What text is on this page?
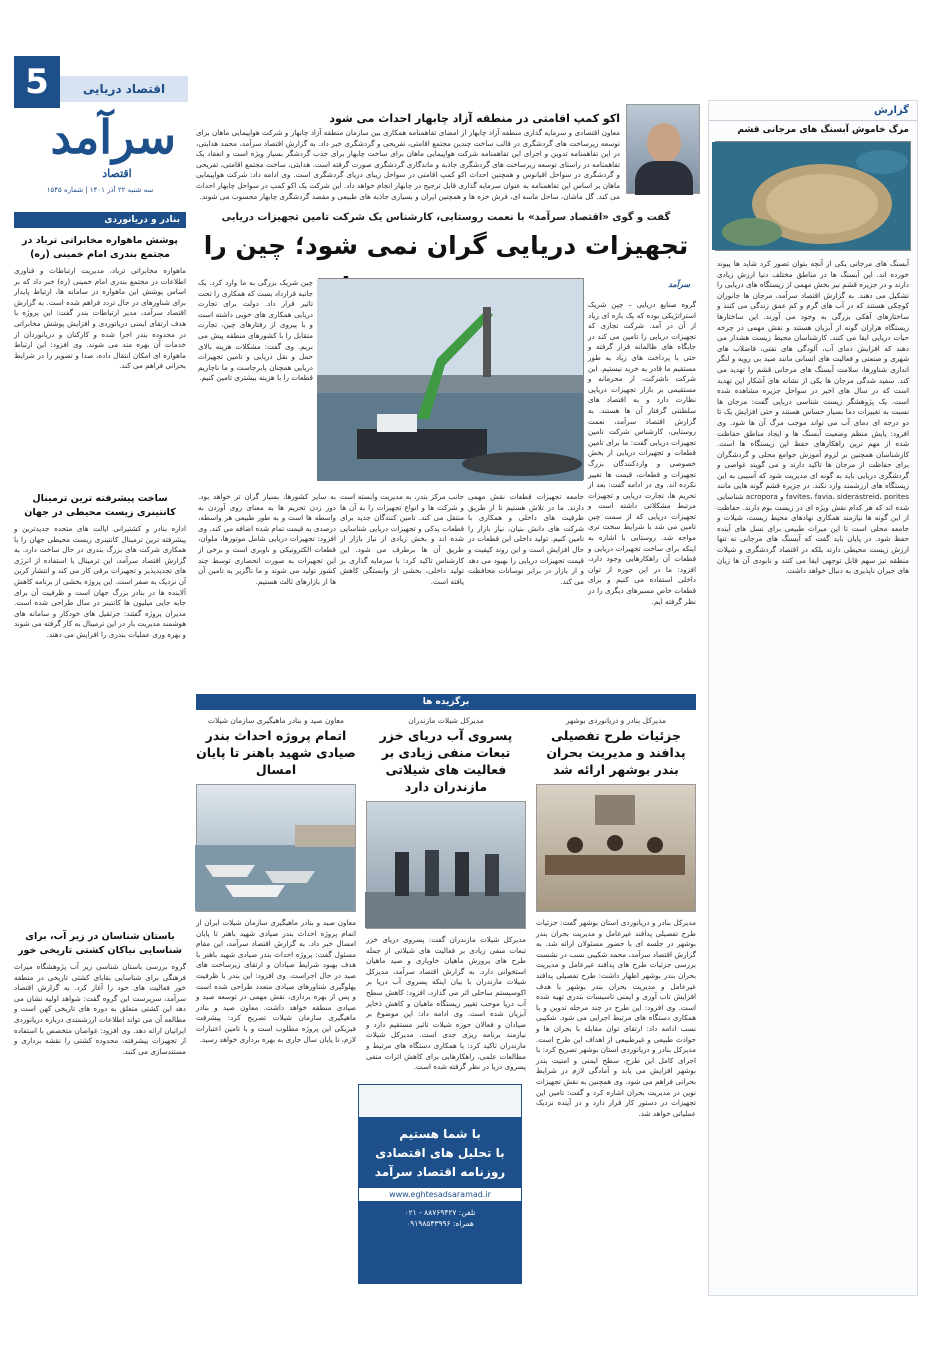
5	اقتصاد دریایی
سرآمد
اقتصاد
سه شنبه ۲۲ آذر ۱۴۰۱ | شماره ۱۵۴۵
اکو کمپ اقامتی در منطقه آزاد چابهار احداث می شود
معاون اقتصادی و سرمایه گذاری منطقه آزاد چابهار از امضای تفاهمنامه همکاری بین سازمان منطقه آزاد چابهار و شرکت هواپیمایی ماهان برای توسعه زیرساخت های گردشگری در قالب ساخت چندین مجتمع اقامتی، تفریحی و گردشگری خبر داد. به گزارش اقتصاد سرآمد، محمد هدایتی، در این تفاهمنامه تدوین و اجرای این تفاهمنامه شرکت هواپیمایی ماهان برای ساخت چابهار برای جذب گردشگر بسیار ویژه است و انعقاد یک تفاهمنامه در راستای توسعه زیرساخت های گردشگری جاذبه و ماندگاری گردشگری صورت گرفته است. هدایتی، ساخت مجتمع اقامتی، تفریحی و گردشگری در سواحل اقیانوس و همچنین احداث اکو کمپ اقامتی در سواحل زیبای دریای گردشگری است. وی ادامه داد: شرکت هواپیمایی ماهان بر اساس این تفاهمنامه به عنوان سرمایه گذاری قابل ترجیح در چابهار انجام خواهد داد. این شرکت یک اکو کمپ در سواحل چابهار احداث می کند. گل ماشان، ساحل ماسه ای، فرش خزه ها و همچنین ایران و بسیاری جاذبه های طبیعی و مقصد گردشگری چابهار محسوب می شوند.
گفت و گوی «اقتصاد سرآمد» با نعمت روستایی، کارشناس یک شرکت تامین تجهیزات دریایی
تجهیزات دریایی گران نمی شود؛ چین را
سرآمد
گروه صنایع دریایی – چین شریک استراتژیکی بوده که یک بازه ای زیاد از آن در آمد. شرکت تجاری که تجهیزات دریایی را تامین می کند در جایگاه های ظالمانه قرار گرفته و حتی با پرداخت های زیاد به طور مستقیم ما قادر به خرید نیستیم. این شرکت ناشرکت، از محرمانه و مستقیمی بر بازار تجهیزات دریایی نظارت دارد و به اقتصاد های سلطنتی گرفتار آن ها هستند. به گزارش اقتصاد سرآمد، نعمت روستایی، کارشناس شرکت تامین تجهیزات دریایی گفت: ما برای تامین قطعات و تجهیزات دریایی از بخش خصوصی و واردکنندگان بزرگ تجهیزات و قطعات، قیمت ها تغییر نکرده اند. وی در ادامه گفت: بعد از تحریم ها، تجارت دریایی و تجهیزات مرتبط مشکلاتی داشته است و تجهیزات دریایی که از سمت چین تامین می شد با شرایط سخت تری مواجه شد. روستایی با اشاره به اینکه برای ساخت تجهیزات دریایی و قطعات آن راهکارهایی وجود دارد، افزود: ما در این حوزه از توان داخلی استفاده می کنیم و برای قطعات خاص مسیرهای دیگری را در نظر گرفته ایم.
چین شریک بزرگی به ما وارد کرد. یک جانبه قرارداد بست که همکاری را تحت تاثیر قرار داد. دولت برای تجارت دریایی همکاری های خوبی داشته است و با پیروی از رفتارهای چین، تجارت متقابل را با کشورهای منطقه پیش می بریم. وی گفت: مشکلات هزینه بالای حمل و نقل دریایی و تامین تجهیزات دریایی همچنان پابرجاست و ما ناچاریم قطعات را با هزینه بیشتری تامین کنیم.
به سایر کشورها، بسیار گران تر خواهد بود. دور زدن تحریم ها به معنای روی آوردن به واسطه ها است و به طور طبیعی هر واسطه، درصدی به قیمت تمام شده اضافه می کند. وی افزود: تجهیزات دریایی شامل موتورها، ملوان، قطعات الکترونیکی و ناوبری است و برخی از این تجهیزات به صورت انحصاری توسط چند کشور تولید می شوند و ما ناگزیر به تامین آن ها از بازارهای ثالث هستیم.
جانب مرکز بندر، به مدیریت وابسته است و شرکت ها و انواع تجهیزات را به آن ها منتقل می کند. تامین کنندگان جدید برای قطعات یدکی و تجهیزات دریایی شناسایی شده اند و بخش زیادی از نیاز بازار از طریق آن ها برطرف می شود. این کارشناس تاکید کرد: با سرمایه گذاری بر تولید داخلی، بخشی از وابستگی کاهش یافته است.
جامعه تجهیزات قطعات نقش مهمی دارند. ما در تلاش هستیم تا از طریق ظرفیت های داخلی و همکاری با شرکت های دانش بنیان، نیاز بازار را تامین کنیم. تولید داخلی این قطعات در حال افزایش است و این روند کیفیت و قیمت تجهیزات دریایی را بهبود می دهد و از بازار در برابر نوسانات محافظت می کند.
برگزیده ها
مدیرکل بنادر و دریانوردی بوشهر
جزئیات طرح تفصیلی پدافند و مدیریت بحران بندر بوشهر ارائه شد
مدیرکل بنادر و دریانوردی استان بوشهر گفت: جزئیات طرح تفصیلی پدافند غیرعامل و مدیریت بحران بندر بوشهر در جلسه ای با حضور مسئولان ارائه شد. به گزارش اقتصاد سرآمد، محمد شکیبی نسب در نشست بررسی جزئیات طرح های پدافند غیرعامل و مدیریت بحران بندر بوشهر اظهار داشت: طرح تفصیلی پدافند غیرعامل و مدیریت بحران بندر بوشهر با هدف افزایش تاب آوری و ایمنی تاسیسات بندری تهیه شده است. وی افزود: این طرح در چند مرحله تدوین و با همکاری دستگاه های مرتبط اجرایی می شود. شکیبی نسب ادامه داد: ارتقای توان مقابله با بحران ها و حوادث طبیعی و غیرطبیعی از اهداف این طرح است. مدیرکل بنادر و دریانوردی استان بوشهر تصریح کرد: با اجرای کامل این طرح، سطح ایمنی و امنیت بندر بوشهر افزایش می یابد و آمادگی لازم در شرایط بحرانی فراهم می شود. وی همچنین به نقش تجهیزات نوین در مدیریت بحران اشاره کرد و گفت: تامین این تجهیزات در دستور کار قرار دارد و در آینده نزدیک عملیاتی خواهد شد.
مدیرکل شیلات مازندران
پسروی آب دریای خزر تبعات منفی زیادی بر فعالیت های شیلاتی مازندران دارد
مدیرکل شیلات مازندران گفت: پسروی دریای خزر تبعات منفی زیادی بر فعالیت های شیلاتی از جمله طرح های پرورش ماهیان خاویاری و صید ماهیان استخوانی دارد. به گزارش اقتصاد سرآمد، مدیرکل شیلات مازندران با بیان اینکه پسروی آب دریا بر اکوسیستم ساحلی اثر می گذارد، افزود: کاهش سطح آب دریا موجب تغییر زیستگاه ماهیان و کاهش ذخایر آبزیان شده است. وی ادامه داد: این موضوع بر صیادان و فعالان حوزه شیلات تاثیر مستقیم دارد و نیازمند برنامه ریزی جدی است. مدیرکل شیلات مازندران تاکید کرد: با همکاری دستگاه های مرتبط و مطالعات علمی، راهکارهایی برای کاهش اثرات منفی پسروی دریا در نظر گرفته شده است.
معاون صید و بنادر ماهیگیری سازمان شیلات
اتمام پروژه احداث بندر صیادی شهید باهنر تا پایان امسال
معاون صید و بنادر ماهیگیری سازمان شیلات ایران از اتمام پروژه احداث بندر صیادی شهید باهنر تا پایان امسال خبر داد. به گزارش اقتصاد سرآمد، این مقام مسئول گفت: پروژه احداث بندر صیادی شهید باهنر با هدف بهبود شرایط صیادان و ارتقای زیرساخت های صید در حال اجراست. وی افزود: این بندر با ظرفیت پهلوگیری شناورهای صیادی متعدد طراحی شده است و پس از بهره برداری، نقش مهمی در توسعه صید و صیادی منطقه خواهد داشت. معاون صید و بنادر ماهیگیری سازمان شیلات تصریح کرد: پیشرفت فیزیکی این پروژه مطلوب است و با تامین اعتبارات لازم، تا پایان سال جاری به بهره برداری خواهد رسید.
با شما هستیم
با تحلیل های اقتصادی
روزنامه اقتصاد سرآمد
www.eghtesadsaramad.ir
تلفن: ۸۸۷۶۹۴۲۷ - ۰۲۱
همراه: ۰۹۱۹۸۵۴۳۹۹۶
بنادر و دریانوردی
پوشش ماهواره مخابراتی ترباد در مجتمع بندری امام خمینی (ره)
ماهواره مخابراتی ترباد، مدیریت ارتباطات و فناوری اطلاعات در مجتمع بندری امام خمینی (ره) خبر داد که بر اساس پوشش این ماهواره در سامانه ها، ارتباط پایدار برای شناورهای در حال تردد فراهم شده است. به گزارش اقتصاد سرآمد، مدیر ارتباطات بندر گفت: این پروژه با هدف ارتقای ایمنی دریانوردی و افزایش پوشش مخابراتی در محدوده بندر اجرا شده و کارکنان و دریانوردان از خدمات آن بهره مند می شوند. وی افزود: این ارتباط ماهواره ای امکان انتقال داده، صدا و تصویر را در شرایط بحرانی فراهم می کند.
ساخت پیشرفته ترین ترمینال کانتینری زیست محیطی در جهان
اداره بنادر و کشتیرانی ایالت های متحده جدیدترین و پیشرفته ترین ترمینال کانتینری زیست محیطی جهان را با همکاری شرکت های بزرگ بندری در حال ساخت دارد. به گزارش اقتصاد سرآمد، این ترمینال با استفاده از انرژی های تجدیدپذیر و تجهیزات برقی کار می کند و انتشار کربن آن نزدیک به صفر است. این پروژه بخشی از برنامه کاهش آلاینده ها در بنادر بزرگ جهان است و ظرفیت آن برای جابه جایی میلیون ها کانتینر در سال طراحی شده است. مدیران پروژه گفتند: جرثقیل های خودکار و سامانه های هوشمند مدیریت بار در این ترمینال به کار گرفته می شوند و بهره وری عملیات بندری را افزایش می دهند.
باستان شناسان در زیر آب، برای شناسایی نیاکان کشتی تاریخی خور
گروه بررسی باستان شناسی زیر آب پژوهشگاه میراث فرهنگی برای شناسایی بقایای کشتی تاریخی در منطقه خور فعالیت های خود را آغاز کرد. به گزارش اقتصاد سرآمد، سرپرست این گروه گفت: شواهد اولیه نشان می دهد این کشتی متعلق به دوره های تاریخی کهن است و مطالعه آن می تواند اطلاعات ارزشمندی درباره دریانوردی ایرانیان ارائه دهد. وی افزود: غواصان متخصص با استفاده از تجهیزات پیشرفته، محدوده کشتی را نقشه برداری و مستندسازی می کنند.
گزارش
مرگ خاموش آبسنگ های مرجانی قشم
آبسنگ های مرجانی یکی از آنچه بتوان تصور کرد شاید ها پیوند خورده اند. این آبسنگ ها در مناطق مختلف دنیا ارزش زیادی دارند و در جزیره قشم نیز بخش مهمی از زیستگاه های دریایی را تشکیل می دهند. به گزارش اقتصاد سرآمد، مرجان ها جانوران کوچکی هستند که در آب های گرم و کم عمق زندگی می کنند و ساختارهای آهکی بزرگی به وجود می آورند. این ساختارها زیستگاه هزاران گونه از آبزیان هستند و نقش مهمی در چرخه حیات دریایی ایفا می کنند. کارشناسان محیط زیست هشدار می دهند که افزایش دمای آب، آلودگی های نفتی، فاضلاب های شهری و صنعتی و فعالیت های انسانی مانند صید بی رویه و لنگر اندازی شناورها، سلامت آبسنگ های مرجانی قشم را تهدید می کند. سفید شدگی مرجان ها یکی از نشانه های آشکار این تهدید است که در سال های اخیر در سواحل جزیره مشاهده شده است. یک پژوهشگر زیست شناسی دریایی گفت: مرجان ها نسبت به تغییرات دما بسیار حساس هستند و حتی افزایش یک تا دو درجه ای دمای آب می تواند موجب مرگ آن ها شود. وی افزود: پایش منظم وضعیت آبسنگ ها و ایجاد مناطق حفاظت شده از مهم ترین راهکارهای حفظ این زیستگاه ها است. کارشناسان همچنین بر لزوم آموزش جوامع محلی و گردشگران برای حفاظت از مرجان ها تاکید دارند و می گویند غواصی و گردشگری دریایی باید به گونه ای مدیریت شود که آسیبی به این زیستگاه های ارزشمند وارد نکند. در جزیره قشم گونه هایی مانند favites، favia، siderastreid، porites و acropora شناسایی شده اند که هر کدام نقش ویژه ای در زیست بوم دارند. حفاظت از این گونه ها نیازمند همکاری نهادهای محیط زیست، شیلات و جامعه محلی است تا این میراث طبیعی برای نسل های آینده حفظ شود. در پایان باید گفت که آبسنگ های مرجانی نه تنها ارزش زیست محیطی دارند بلکه در اقتصاد گردشگری و شیلات منطقه نیز سهم قابل توجهی ایفا می کنند و نابودی آن ها زیان های جبران ناپذیری به دنبال خواهد داشت.
